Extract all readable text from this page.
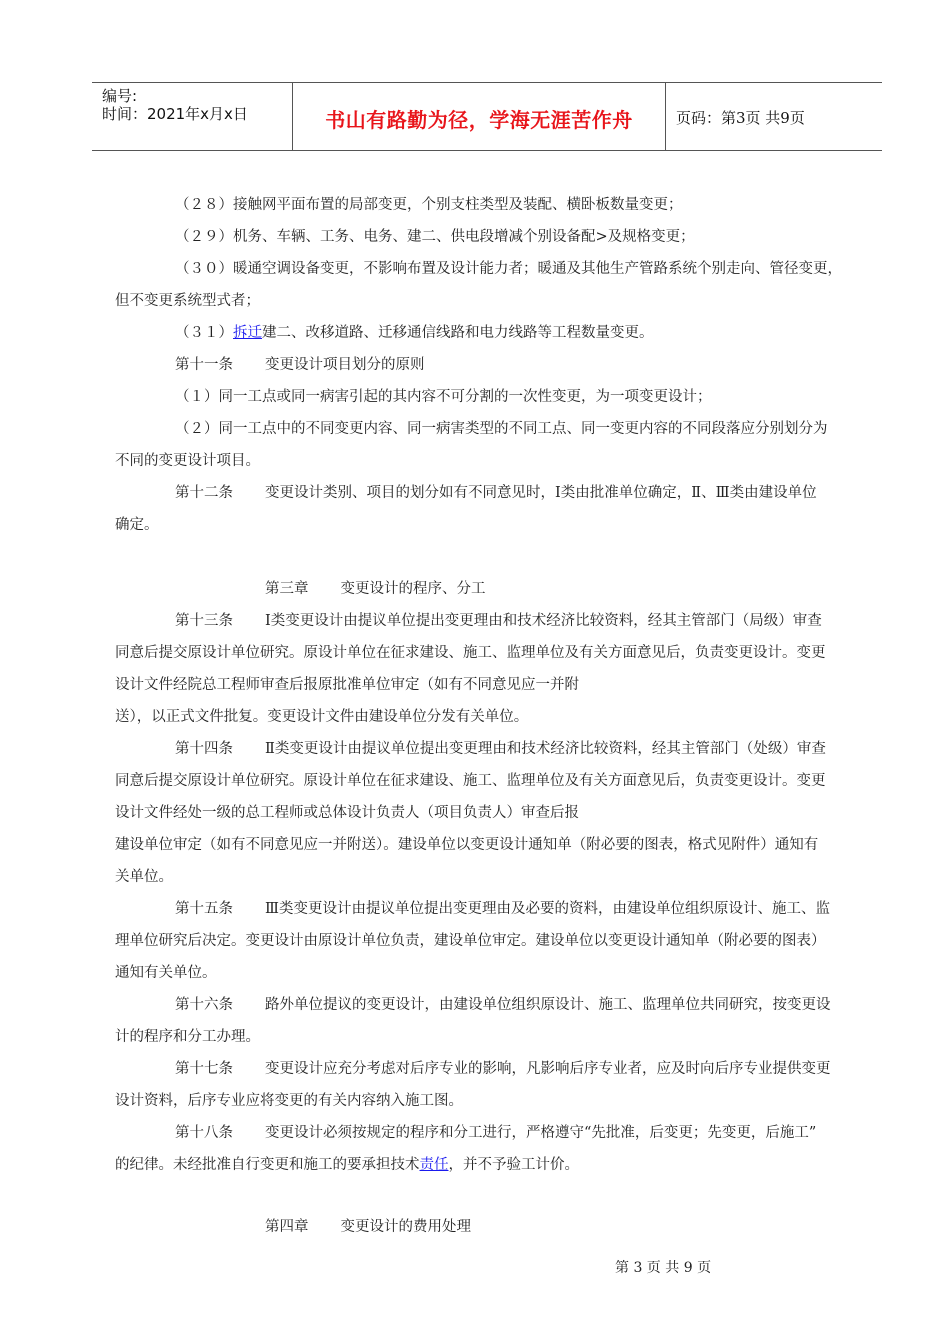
编号:
时间：2021年x月x日	书山有路勤为径，学海无涯苦作舟	页码：第3页 共9页
（２８）接触网平面布置的局部变更，个别支柱类型及装配、横卧板数量变更；
（２９）机务、车辆、工务、电务、建二、供电段增减个别设备配>及规格变更；
（３０）暖通空调设备变更，不影响布置及设计能力者；暖通及其他生产管路系统个别走向、管径变更，
但不变更系统型式者；
（３１）拆迁建二、改移道路、迁移通信线路和电力线路等工程数量变更。
第十一条 变更设计项目划分的原则
（１）同一工点或同一病害引起的其内容不可分割的一次性变更，为一项变更设计；
（２）同一工点中的不同变更内容、同一病害类型的不同工点、同一变更内容的不同段落应分别划分为
不同的变更设计项目。
第十二条 变更设计类别、项目的划分如有不同意见时，Ⅰ类由批准单位确定，Ⅱ、Ⅲ类由建设单位
确定。
第三章 变更设计的程序、分工
第十三条 Ⅰ类变更设计由提议单位提出变更理由和技术经济比较资料，经其主管部门（局级）审查
同意后提交原设计单位研究。原设计单位在征求建设、施工、监理单位及有关方面意见后，负责变更设计。变更
设计文件经院总工程师审查后报原批准单位审定（如有不同意见应一并附
送），以正式文件批复。变更设计文件由建设单位分发有关单位。
第十四条 Ⅱ类变更设计由提议单位提出变更理由和技术经济比较资料，经其主管部门（处级）审查
同意后提交原设计单位研究。原设计单位在征求建设、施工、监理单位及有关方面意见后，负责变更设计。变更
设计文件经处一级的总工程师或总体设计负责人（项目负责人）审查后报
建设单位审定（如有不同意见应一并附送）。建设单位以变更设计通知单（附必要的图表，格式见附件）通知有
关单位。
第十五条 Ⅲ类变更设计由提议单位提出变更理由及必要的资料，由建设单位组织原设计、施工、监
理单位研究后决定。变更设计由原设计单位负责，建设单位审定。建设单位以变更设计通知单（附必要的图表）
通知有关单位。
第十六条 路外单位提议的变更设计，由建设单位组织原设计、施工、监理单位共同研究，按变更设
计的程序和分工办理。
第十七条 变更设计应充分考虑对后序专业的影响，凡影响后序专业者，应及时向后序专业提供变更
设计资料，后序专业应将变更的有关内容纳入施工图。
第十八条 变更设计必须按规定的程序和分工进行，严格遵守“先批准，后变更；先变更，后施工”
的纪律。未经批准自行变更和施工的要承担技术责任，并不予验工计价。
第四章 变更设计的费用处理
第 3 页 共 9 页
